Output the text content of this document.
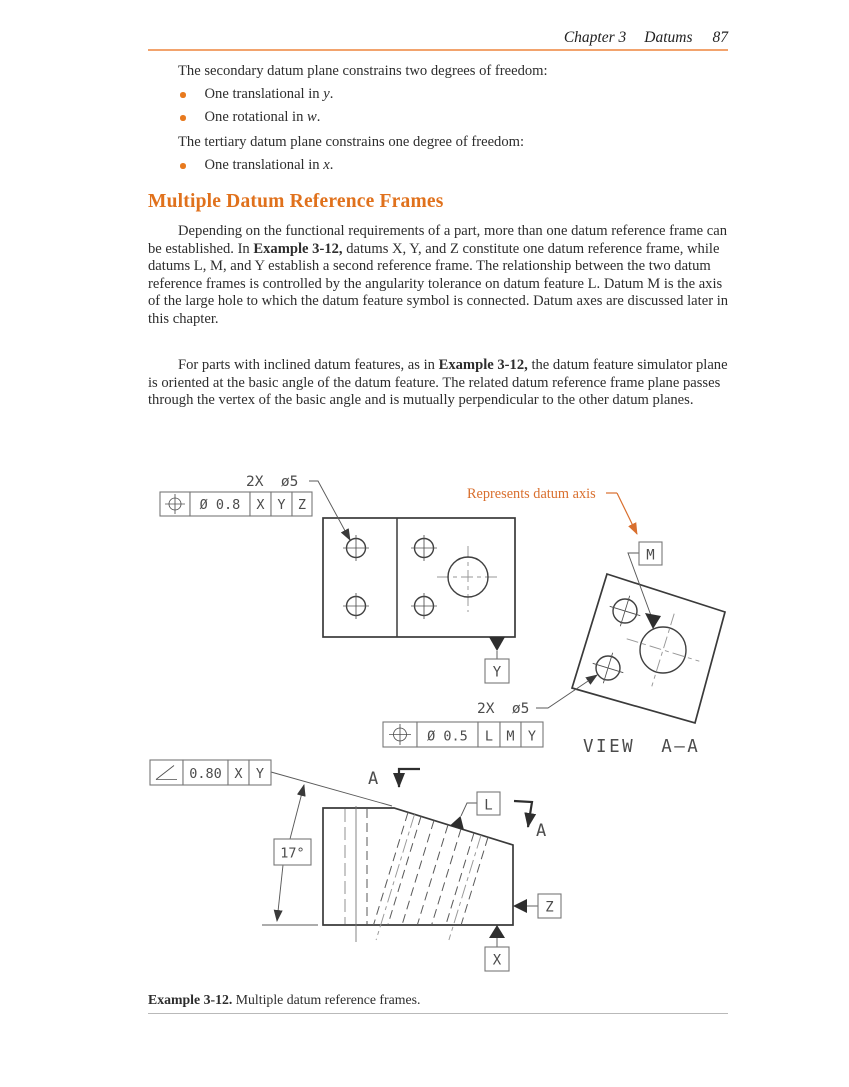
Chapter 3 Datums 87
The secondary datum plane constrains two degrees of freedom:
One translational in y.
One rotational in w.
The tertiary datum plane constrains one degree of freedom:
One translational in x.
Multiple Datum Reference Frames
Depending on the functional requirements of a part, more than one datum reference frame can be established. In Example 3-12, datums X, Y, and Z constitute one datum reference frame, while datums L, M, and Y establish a second reference frame. The relationship between the two datum reference frames is controlled by the angularity tolerance on datum feature L. Datum M is the axis of the large hole to which the datum feature symbol is connected. Datum axes are discussed later in this chapter.
For parts with inclined datum features, as in Example 3-12, the datum feature simulator plane is oriented at the basic angle of the datum feature. The related datum reference frame plane passes through the vertex of the basic angle and is mutually perpendicular to the other datum planes.
Y
2X  ø5
Ø 0.8 X Y Z
Represents datum axis
M
VIEW  A—A
2X  ø5
Ø 0.5 L M Y
L
A
A
Z
X
0.80 X Y
17°
Example 3-12. Multiple datum reference frames.
